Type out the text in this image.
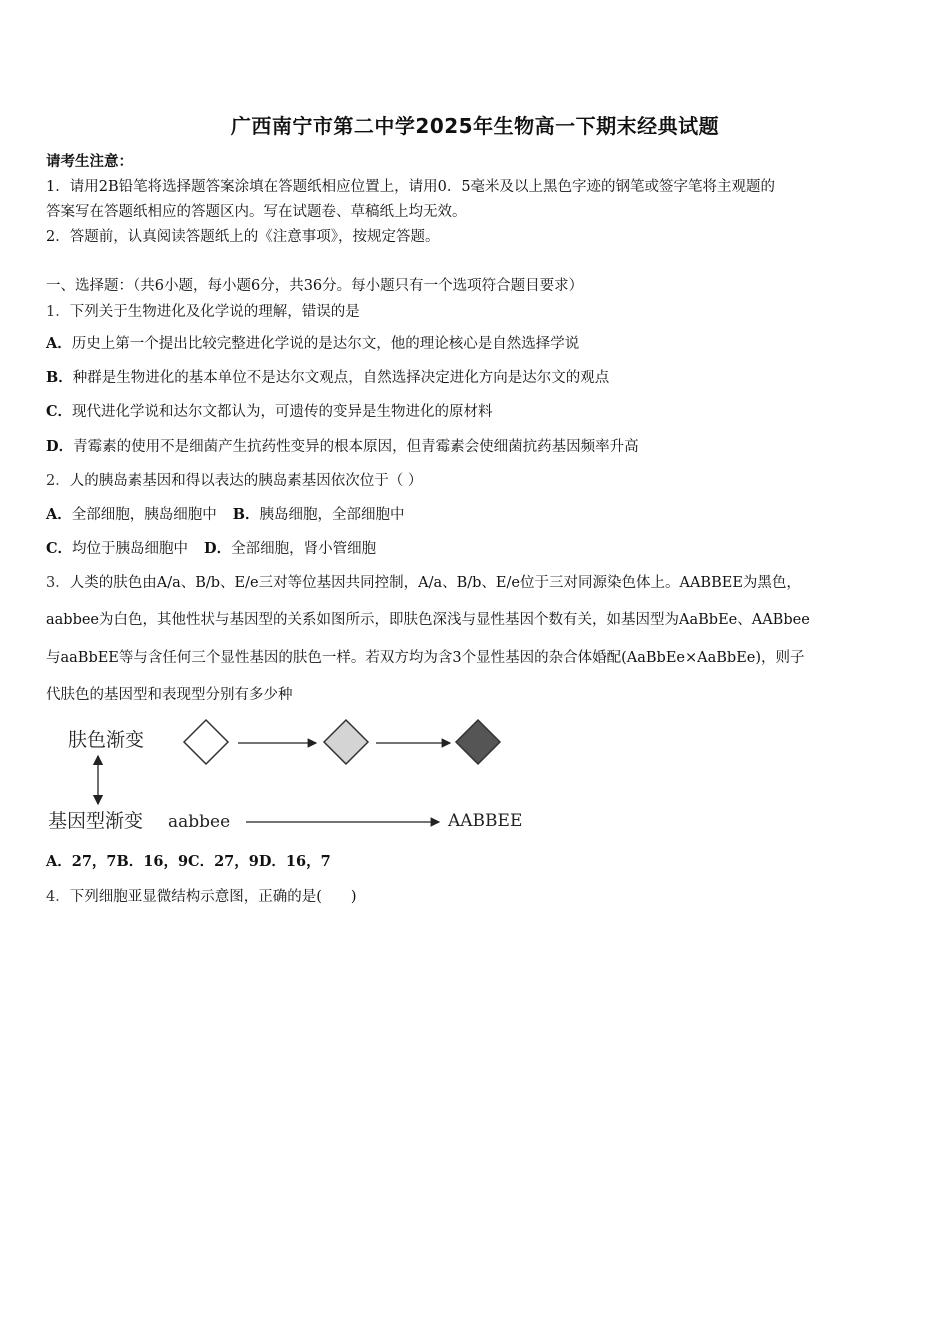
广西南宁市第二中学2025年生物高一下期末经典试题
请考生注意：
1．请用2B铅笔将选择题答案涂填在答题纸相应位置上，请用0．5毫米及以上黑色字迹的钢笔或签字笔将主观题的
答案写在答题纸相应的答题区内。写在试题卷、草稿纸上均无效。
2．答题前，认真阅读答题纸上的《注意事项》，按规定答题。
一、选择题：（共6小题，每小题6分，共36分。每小题只有一个选项符合题目要求）
1．下列关于生物进化及化学说的理解，错误的是
A．历史上第一个提出比较完整进化学说的是达尔文，他的理论核心是自然选择学说
B．种群是生物进化的基本单位不是达尔文观点，自然选择决定进化方向是达尔文的观点
C．现代进化学说和达尔文都认为，可遗传的变异是生物进化的原材料
D．青霉素的使用不是细菌产生抗药性变异的根本原因，但青霉素会使细菌抗药基因频率升高
2．人的胰岛素基因和得以表达的胰岛素基因依次位于（ ）
A．全部细胞，胰岛细胞中 B．胰岛细胞，全部细胞中
C．均位于胰岛细胞中 D．全部细胞，肾小管细胞
3．人类的肤色由A/a、B/b、E/e三对等位基因共同控制，A/a、B/b、E/e位于三对同源染色体上。AABBEE为黑色，
aabbee为白色，其他性状与基因型的关系如图所示，即肤色深浅与显性基因个数有关，如基因型为AaBbEe、AABbee
与aaBbEE等与含任何三个显性基因的肤色一样。若双方均为含3个显性基因的杂合体婚配(AaBbEe×AaBbEe)，则子
代肤色的基因型和表现型分别有多少种
肤色渐变
基因型渐变 aabbee	AABBEE
A．27，7B．16，9C．27，9D．16，7
4．下列细胞亚显微结构示意图，正确的是(　　)
